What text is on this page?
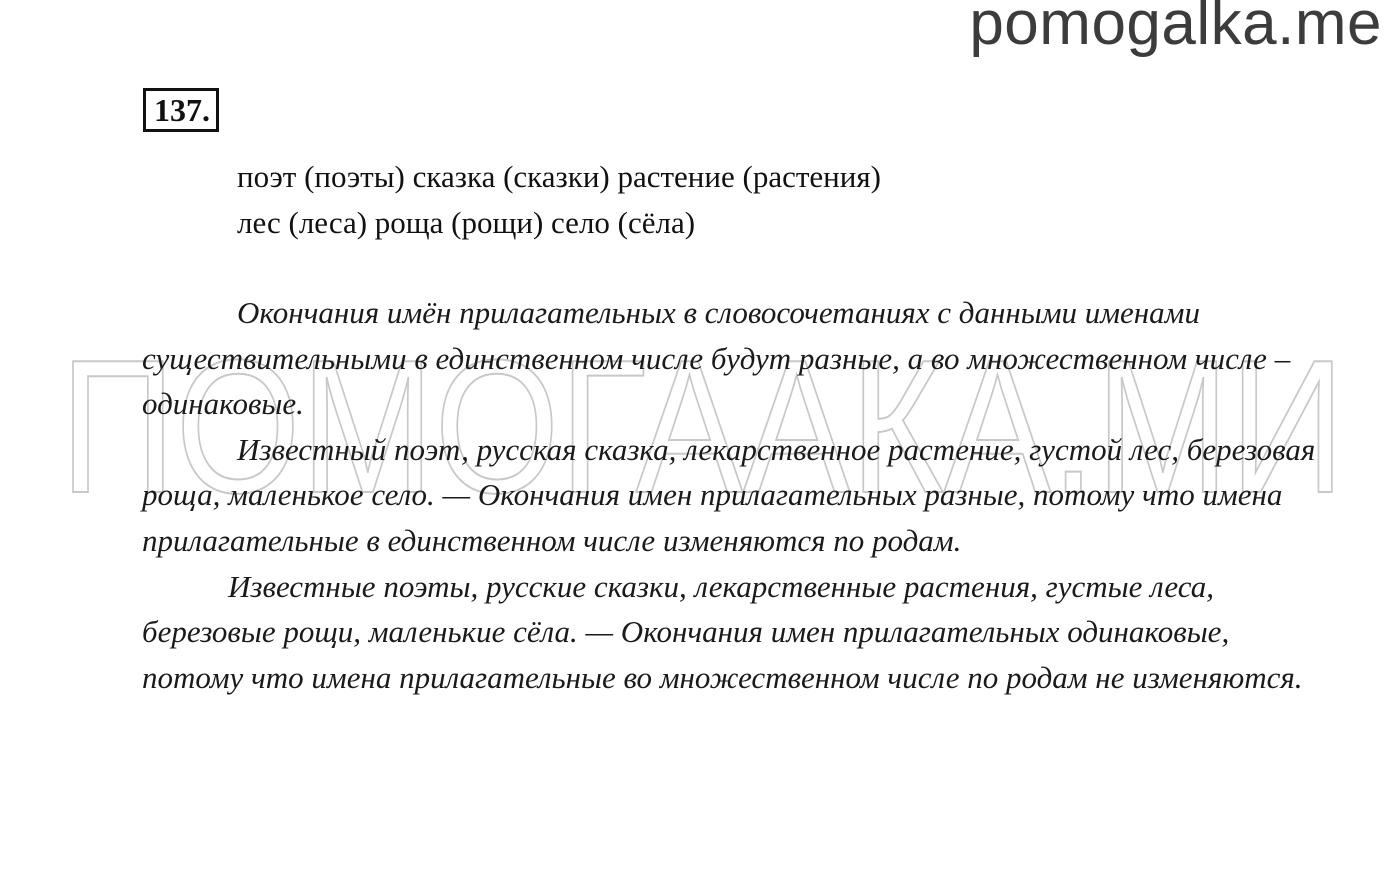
pomogalka.me
ПОМОГААКА.МИ
137.
поэт (поэты) сказка (сказки) растение (растения)
лес (леса) роща (рощи) село (сёла)

Окончания имён прилагательных в словосочетаниях с данными именами существительными в единственном числе будут разные, а во множественном числе – одинаковые.

Известный поэт, русская сказка, лекарственное растение, густой лес, березовая роща, маленькое село. — Окончания имен прилагательных разные, потому что имена прилагательные в единственном числе изменяются по родам.

Известные поэты, русские сказки, лекарственные растения, густые леса, березовые рощи, маленькие сёла. — Окончания имен прилагательных одинаковые, потому что имена прилагательные во множественном числе по родам не изменяются.
